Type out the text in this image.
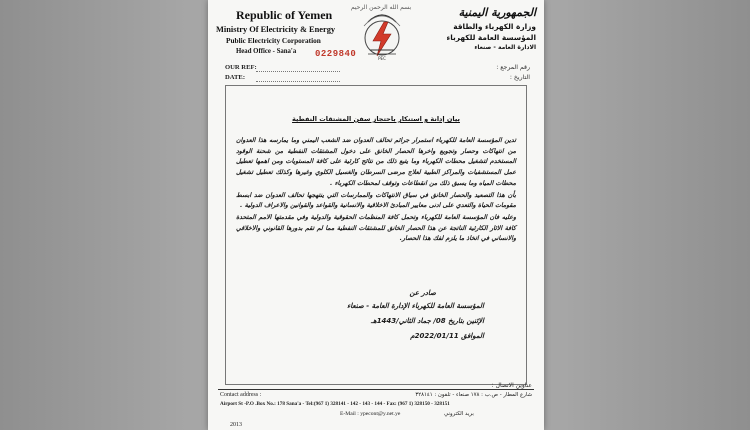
بسم الله الرحمن الرحيم
Republic of Yemen
Ministry Of Electricity & Energy
Public Electricity Corporation
Head Office - Sana'a	0229840	PEC
الجمهورية اليمنية
وزارة الكهرباء والطاقة
المؤسسة العامة للكهرباء
الادارة العامة - صنعاء
OUR REF:
DATE:
رقم المرجع :
التاريخ :
بيان إدانة و استنكار باحتجاز سفن المشتقات النفطية

تدين المؤسسة العامة للكهرباء استمرار جرائم تحالف العدوان ضد الشعب اليمني وما يمارسه هذا العدوان من انتهاكات وحصار وتجويع واخرها الحصار الخانق على دخول المشتقات النفطية من شحنة الوقود المستخدم لتشغيل محطات الكهرباء وما يتبع ذلك من نتائج كارثية على كافة المستويات ومن اهمها تعطيل عمل المستشفيات والمراكز الطبية لعلاج مرضى السرطان والغسيل الكلوي وغيرها وكذلك تعطيل تشغيل محطات المياه وما يسبق ذلك من انقطاعات وتوقف لمحطات الكهرباء .

بأن هذا التصعيد والحصار الخانق في سياق الانتهاكات والممارسات التي ينتهجها تحالف العدوان ضد ابسط مقومات الحياة والتعدي على ادنى معايير المبادئ الاخلاقية والانسانية والقواعد والقوانين والاعراف الدولية .

وعليه فان المؤسسة العامة للكهرباء وتحمل كافة المنظمات الحقوقية والدولية وفي مقدمتها الامم المتحدة كافة الاثار الكارثية الناتجة عن هذا الحصار الخانق للمشتقات النفطية مما لم تقم بدورها القانوني والاخلاقي والانساني في اتخاذ ما يلزم لفك هذا الحصار.

صادر عن
المؤسسة العامة للكهرباء الإدارة العامة - صنعاء
الإثنين بتاريخ 08/ جماد الثاني/1443هـ
الموافق 2022/01/11م
Contact address :
عناوين الاتصال :
شارع المطار - ص.ب : ١٧٨ صنعاء - تلفون : ٣٢٨١٤١
Airport St -P.O .Box No.: 178 Sana'a - Tel:(967 1) 328141 - 142 - 143 - 144 - Fax: (967 1) 328150 - 328151
E-Mail : ypecont@y.net.ye	بريد الكتروني
2013
